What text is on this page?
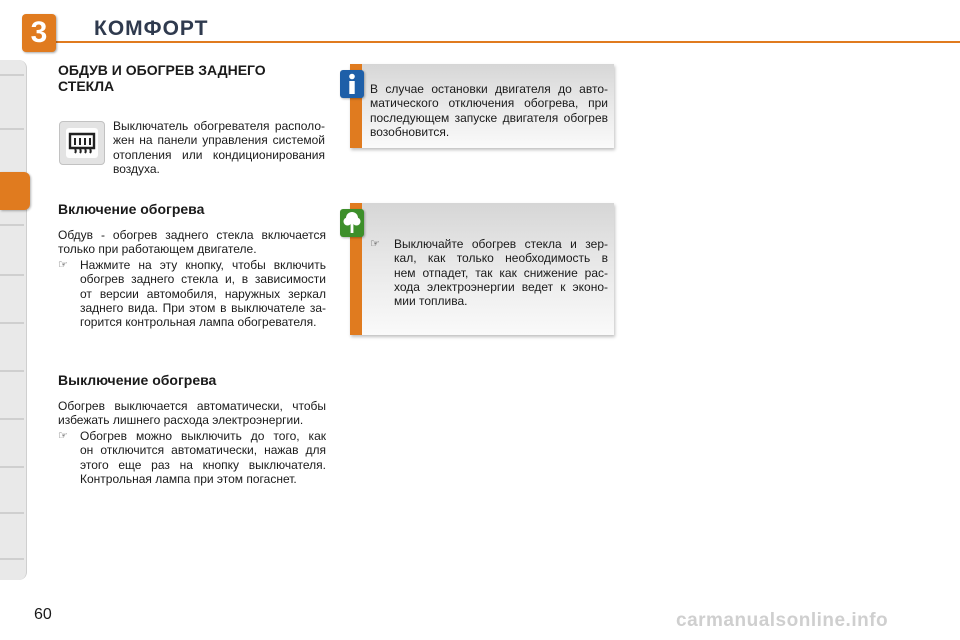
3	КОМФОРТ
ОБДУВ И ОБОГРЕВ ЗАДНЕГО
СТЕКЛА
Выключатель обогревателя располо-
жен на панели управления системой
отопления или кондиционирования
воздуха.
Включение обогрева
Обдув - обогрев заднего стекла включается
только при работающем двигателе.
☞ Нажмите на эту кнопку, чтобы включить
обогрев заднего стекла и, в зависимости
от версии автомобиля, наружных зеркал
заднего вида. При этом в выключателе за-
горится контрольная лампа обогревателя.
Выключение обогрева
Обогрев выключается автоматически, чтобы
избежать лишнего расхода электроэнергии.
☞ Обогрев можно выключить до того, как
он отключится автоматически, нажав для
этого еще раз на кнопку выключателя.
Контрольная лампа при этом погаснет.
В случае остановки двигателя до авто-
матического отключения обогрева, при
последующем запуске двигателя обогрев
возобновится.
☞ Выключайте обогрев стекла и зер-
кал, как только необходимость в
нем отпадет, так как снижение рас-
хода электроэнергии ведет к эконо-
мии топлива.
60	carmanualsonline.info
